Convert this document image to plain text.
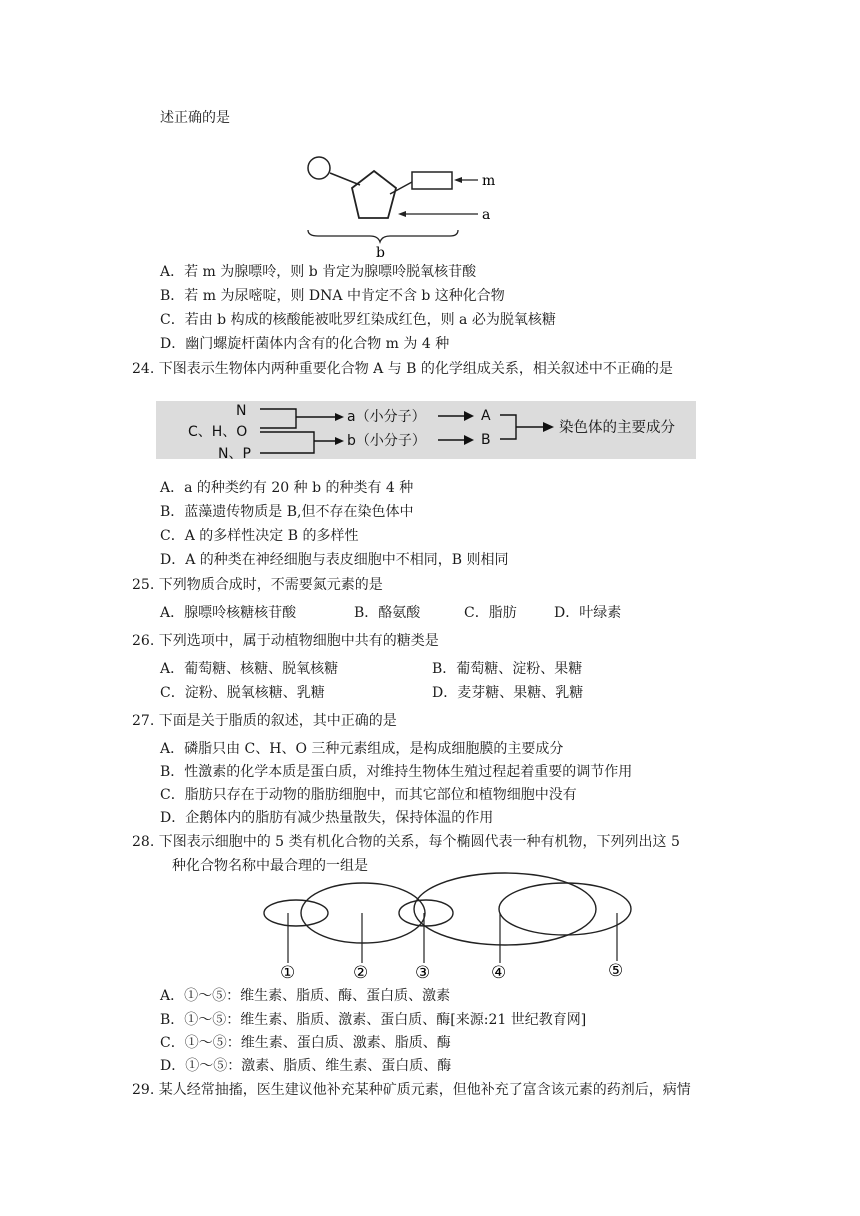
述正确的是
m
a
b
A．若 m 为腺嘌呤，则 b 肯定为腺嘌呤脱氧核苷酸
B．若 m 为尿嘧啶，则 DNA 中肯定不含 b 这种化合物
C．若由 b 构成的核酸能被吡罗红染成红色，则 a 必为脱氧核糖
D．幽门螺旋杆菌体内含有的化合物 m 为 4 种
24. 下图表示生物体内两种重要化合物 A 与 B 的化学组成关系，相关叙述中不正确的是
N
C、H、O
N、P
a（小分子）
b（小分子）
A
B
染色体的主要成分
A．a 的种类约有 20 种 b 的种类有 4 种
B．蓝藻遗传物质是 B,但不存在染色体中
C．A 的多样性决定 B 的多样性
D．A 的种类在神经细胞与表皮细胞中不相同，B 则相同
25. 下列物质合成时，不需要氮元素的是
A．腺嘌呤核糖核苷酸	B．酪氨酸	C．脂肪	D．叶绿素
26. 下列选项中，属于动植物细胞中共有的糖类是
A．葡萄糖、核糖、脱氧核糖	B．葡萄糖、淀粉、果糖
C．淀粉、脱氧核糖、乳糖	D．麦芽糖、果糖、乳糖
27. 下面是关于脂质的叙述，其中正确的是
A．磷脂只由 C、H、O 三种元素组成，是构成细胞膜的主要成分
B．性激素的化学本质是蛋白质，对维持生物体生殖过程起着重要的调节作用
C．脂肪只存在于动物的脂肪细胞中，而其它部位和植物细胞中没有
D．企鹅体内的脂肪有减少热量散失，保持体温的作用
28. 下图表示细胞中的 5 类有机化合物的关系，每个椭圆代表一种有机物，下列列出这 5
种化合物名称中最合理的一组是
①	②	③	④	⑤
A．①～⑤：维生素、脂质、酶、蛋白质、激素
B．①～⑤：维生素、脂质、激素、蛋白质、酶[来源:21 世纪教育网]
C．①～⑤：维生素、蛋白质、激素、脂质、酶
D．①～⑤：激素、脂质、维生素、蛋白质、酶
29. 某人经常抽搐，医生建议他补充某种矿质元素，但他补充了富含该元素的药剂后，病情
